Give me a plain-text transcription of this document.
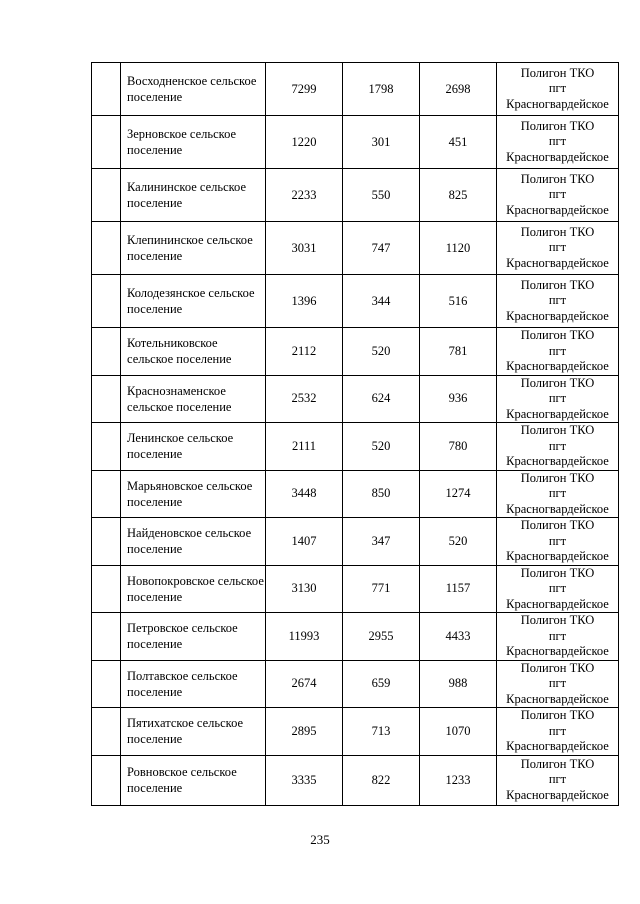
	Восходненское сельское поселение	7299	1798	2698	Полигон ТКО
пгт
Красногвардейское

	Зерновское сельское поселение	1220	301	451	Полигон ТКО
пгт
Красногвардейское

	Калининское сельское поселение	2233	550	825	Полигон ТКО
пгт
Красногвардейское

	Клепининское сельское поселение	3031	747	1120	Полигон ТКО
пгт
Красногвардейское

	Колодезянское сельское поселение	1396	344	516	Полигон ТКО
пгт
Красногвардейское

	Котельниковское сельское поселение	2112	520	781	Полигон ТКО
пгт
Красногвардейское

	Краснознаменское сельское поселение	2532	624	936	Полигон ТКО
пгт
Красногвардейское

	Ленинское сельское поселение	2111	520	780	Полигон ТКО
пгт
Красногвардейское

	Марьяновское сельское поселение	3448	850	1274	Полигон ТКО
пгт
Красногвардейское

	Найденовское сельское поселение	1407	347	520	Полигон ТКО
пгт
Красногвардейское

	Новопокровское сельское поселение	3130	771	1157	Полигон ТКО
пгт
Красногвардейское

	Петровское сельское поселение	11993	2955	4433	Полигон ТКО
пгт
Красногвардейское

	Полтавское сельское поселение	2674	659	988	Полигон ТКО
пгт
Красногвардейское

	Пятихатское сельское поселение	2895	713	1070	Полигон ТКО
пгт
Красногвардейское

	Ровновское сельское поселение	3335	822	1233	Полигон ТКО
пгт
Красногвардейское
235
